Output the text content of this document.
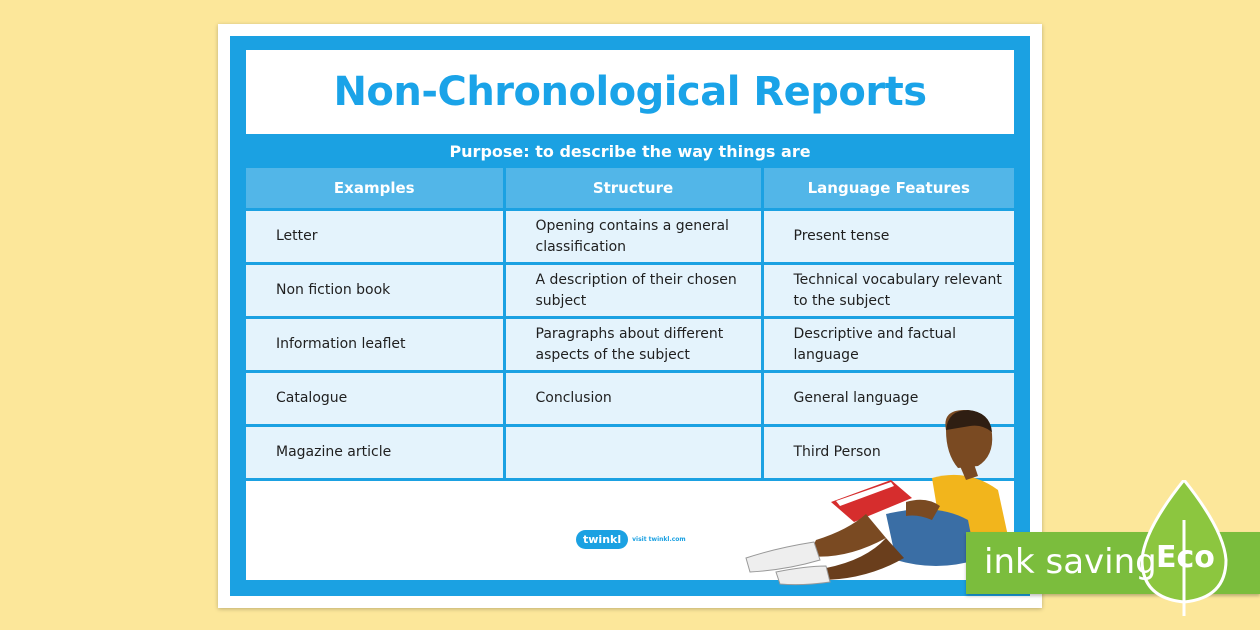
Non-Chronological Reports
Purpose: to describe the way things are
Examples	Structure	Language Features
Letter	Opening contains a general classification	Present tense
Non fiction book	A description of their chosen subject	Technical vocabulary relevant to the subject
Information leaflet	Paragraphs about different aspects of the subject	Descriptive and factual language
Catalogue	Conclusion	General language
Magazine article		Third Person
twinkl	visit twinkl.com
ink saving Eco
